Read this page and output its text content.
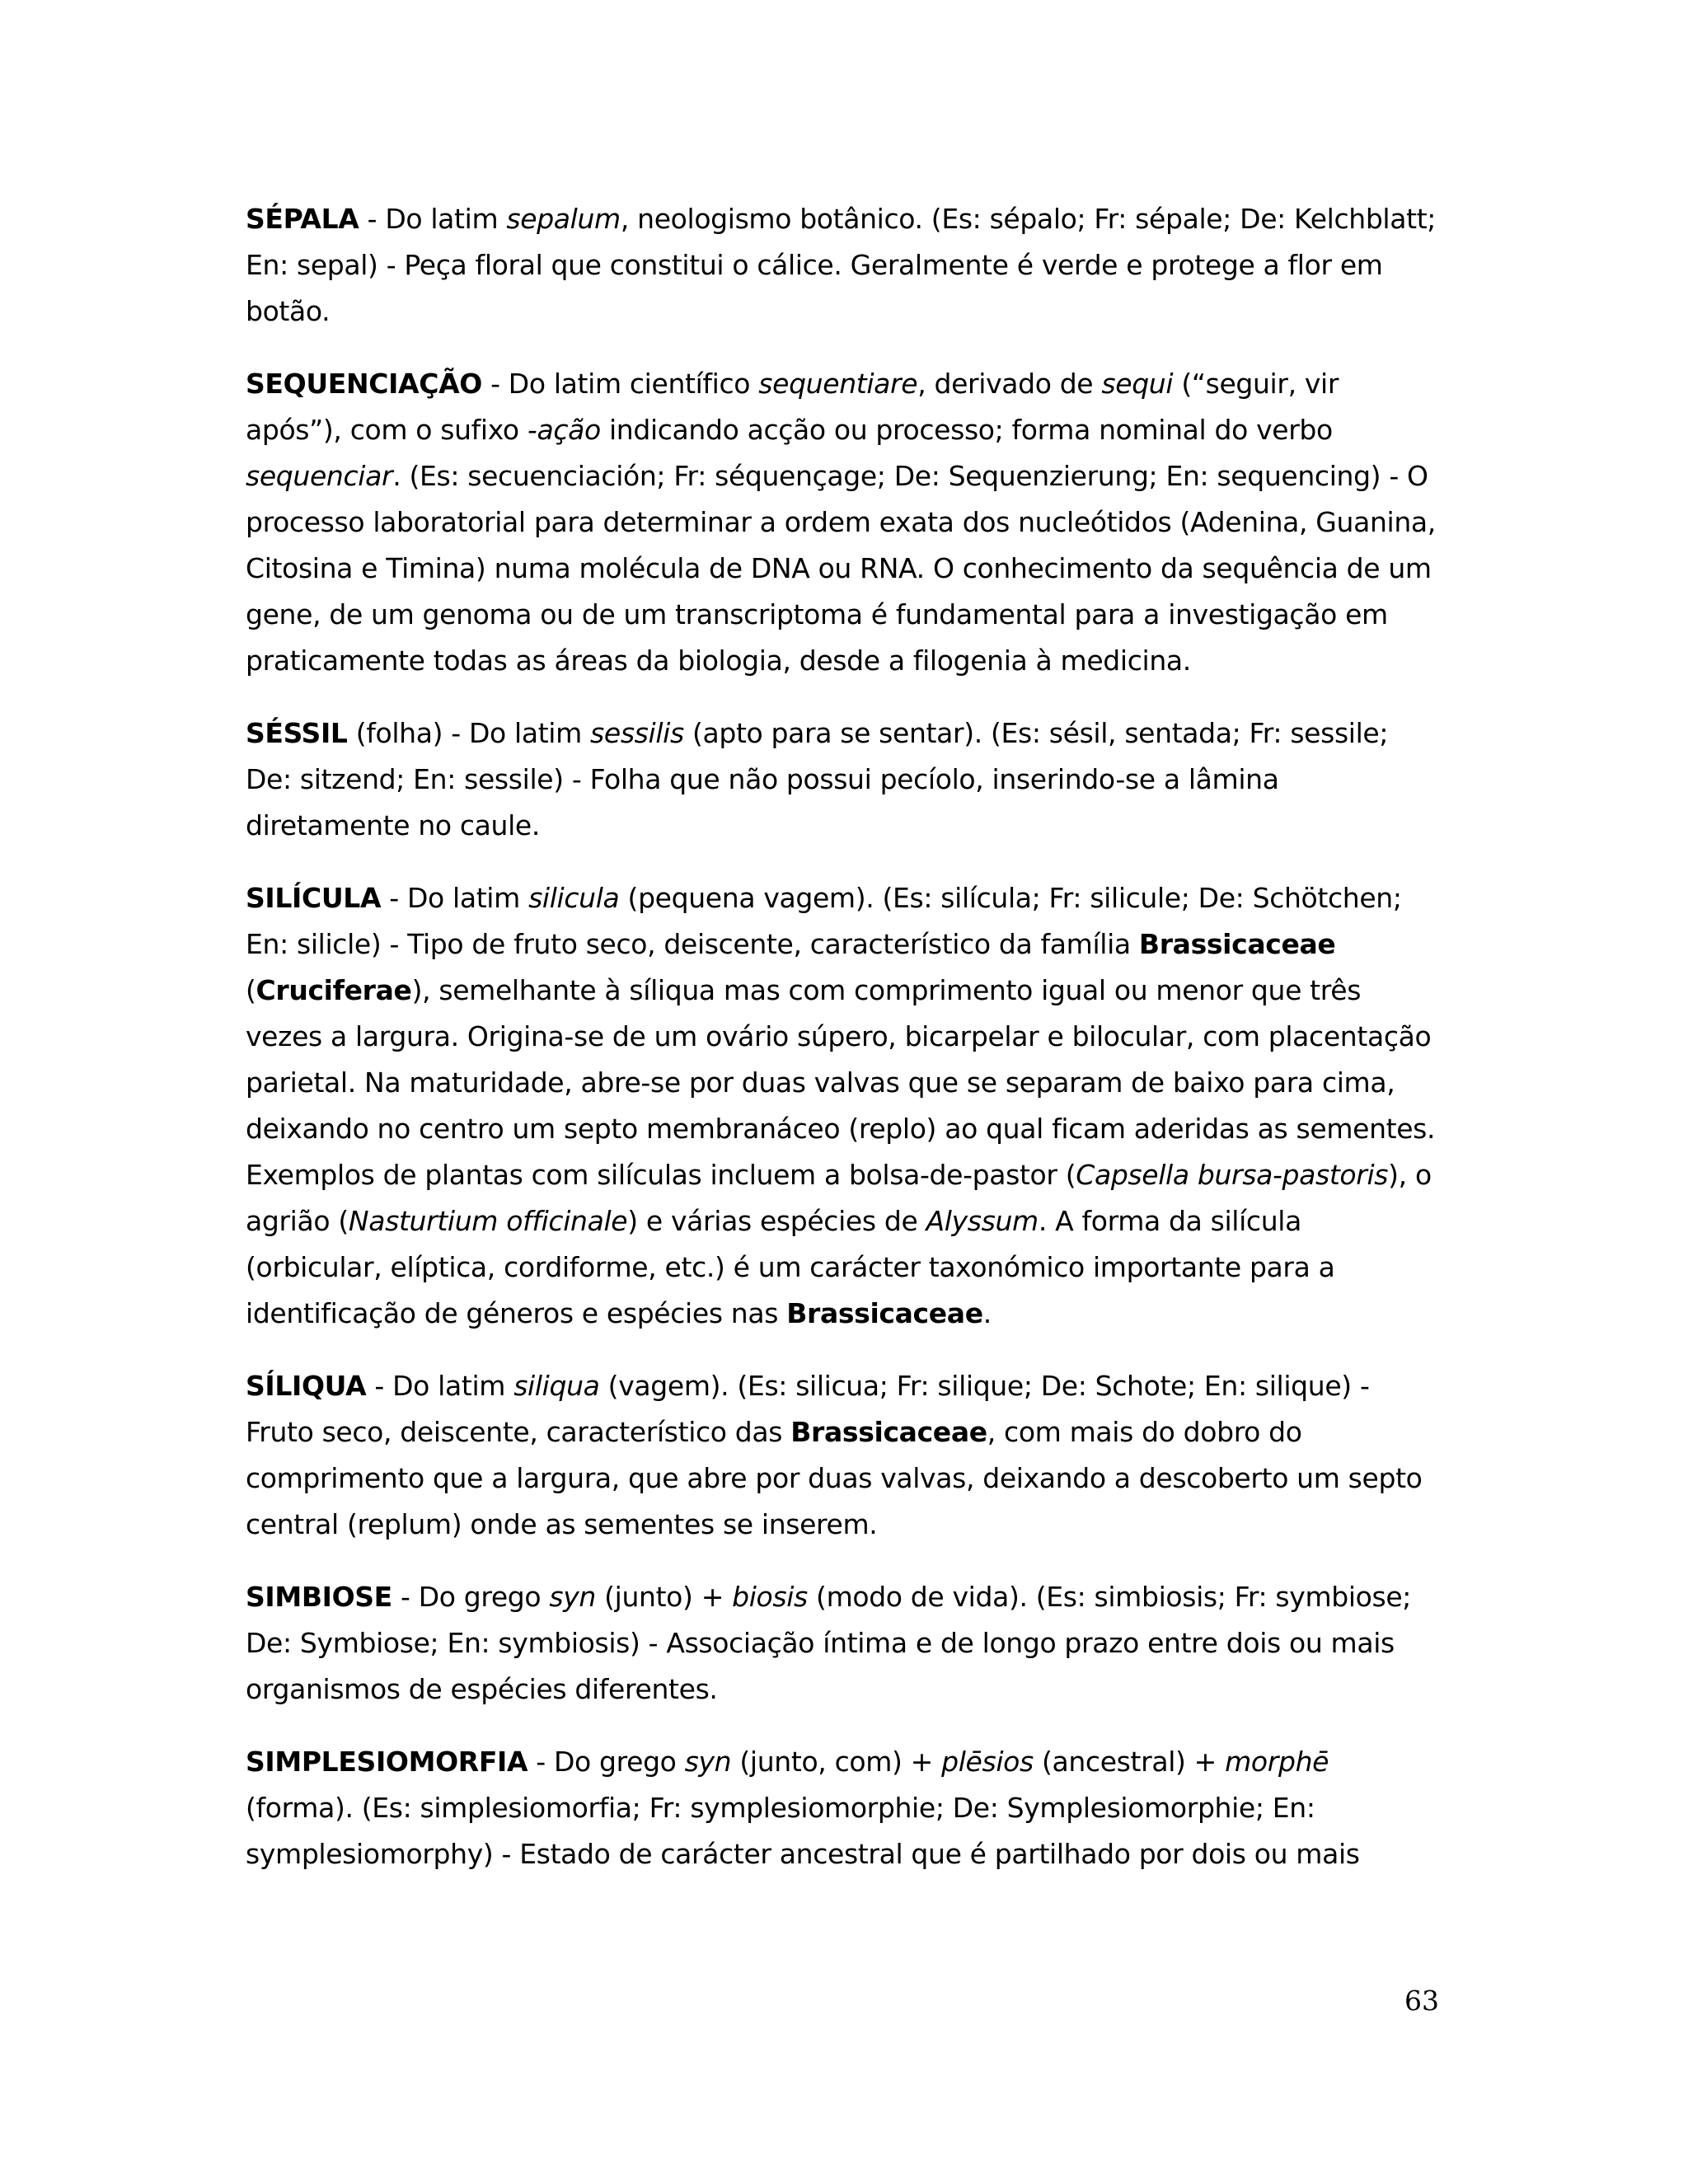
SÉPALA - Do latim sepalum, neologismo botânico. (Es: sépalo; Fr: sépale; De: Kelchblatt; En: sepal) - Peça floral que constitui o cálice. Geralmente é verde e protege a flor em botão.

SEQUENCIAÇÃO - Do latim científico sequentiare, derivado de sequi (“seguir, vir após”), com o sufixo -ação indicando acção ou processo; forma nominal do verbo sequenciar. (Es: secuenciación; Fr: séquençage; De: Sequenzierung; En: sequencing) - O processo laboratorial para determinar a ordem exata dos nucleótidos (Adenina, Guanina, Citosina e Timina) numa molécula de DNA ou RNA. O conhecimento da sequência de um gene, de um genoma ou de um transcriptoma é fundamental para a investigação em praticamente todas as áreas da biologia, desde a filogenia à medicina.

SÉSSIL (folha) - Do latim sessilis (apto para se sentar). (Es: sésil, sentada; Fr: sessile; De: sitzend; En: sessile) - Folha que não possui pecíolo, inserindo-se a lâmina diretamente no caule.

SILÍCULA - Do latim silicula (pequena vagem). (Es: silícula; Fr: silicule; De: Schötchen; En: silicle) - Tipo de fruto seco, deiscente, característico da família Brassicaceae (Cruciferae), semelhante à síliqua mas com comprimento igual ou menor que três vezes a largura. Origina-se de um ovário súpero, bicarpelar e bilocular, com placentação parietal. Na maturidade, abre-se por duas valvas que se separam de baixo para cima, deixando no centro um septo membranáceo (replo) ao qual ficam aderidas as sementes. Exemplos de plantas com silículas incluem a bolsa-de-pastor (Capsella bursa-pastoris), o agrião (Nasturtium officinale) e várias espécies de Alyssum. A forma da silícula (orbicular, elíptica, cordiforme, etc.) é um carácter taxonómico importante para a identificação de géneros e espécies nas Brassicaceae.

SÍLIQUA - Do latim siliqua (vagem). (Es: silicua; Fr: silique; De: Schote; En: silique) - Fruto seco, deiscente, característico das Brassicaceae, com mais do dobro do comprimento que a largura, que abre por duas valvas, deixando a descoberto um septo central (replum) onde as sementes se inserem.

SIMBIOSE - Do grego syn (junto) + biosis (modo de vida). (Es: simbiosis; Fr: symbiose; De: Symbiose; En: symbiosis) - Associação íntima e de longo prazo entre dois ou mais organismos de espécies diferentes.

SIMPLESIOMORFIA - Do grego syn (junto, com) + plēsios (ancestral) + morphē (forma). (Es: simplesiomorfia; Fr: symplesiomorphie; De: Symplesiomorphie; En: symplesiomorphy) - Estado de carácter ancestral que é partilhado por dois ou mais

63
